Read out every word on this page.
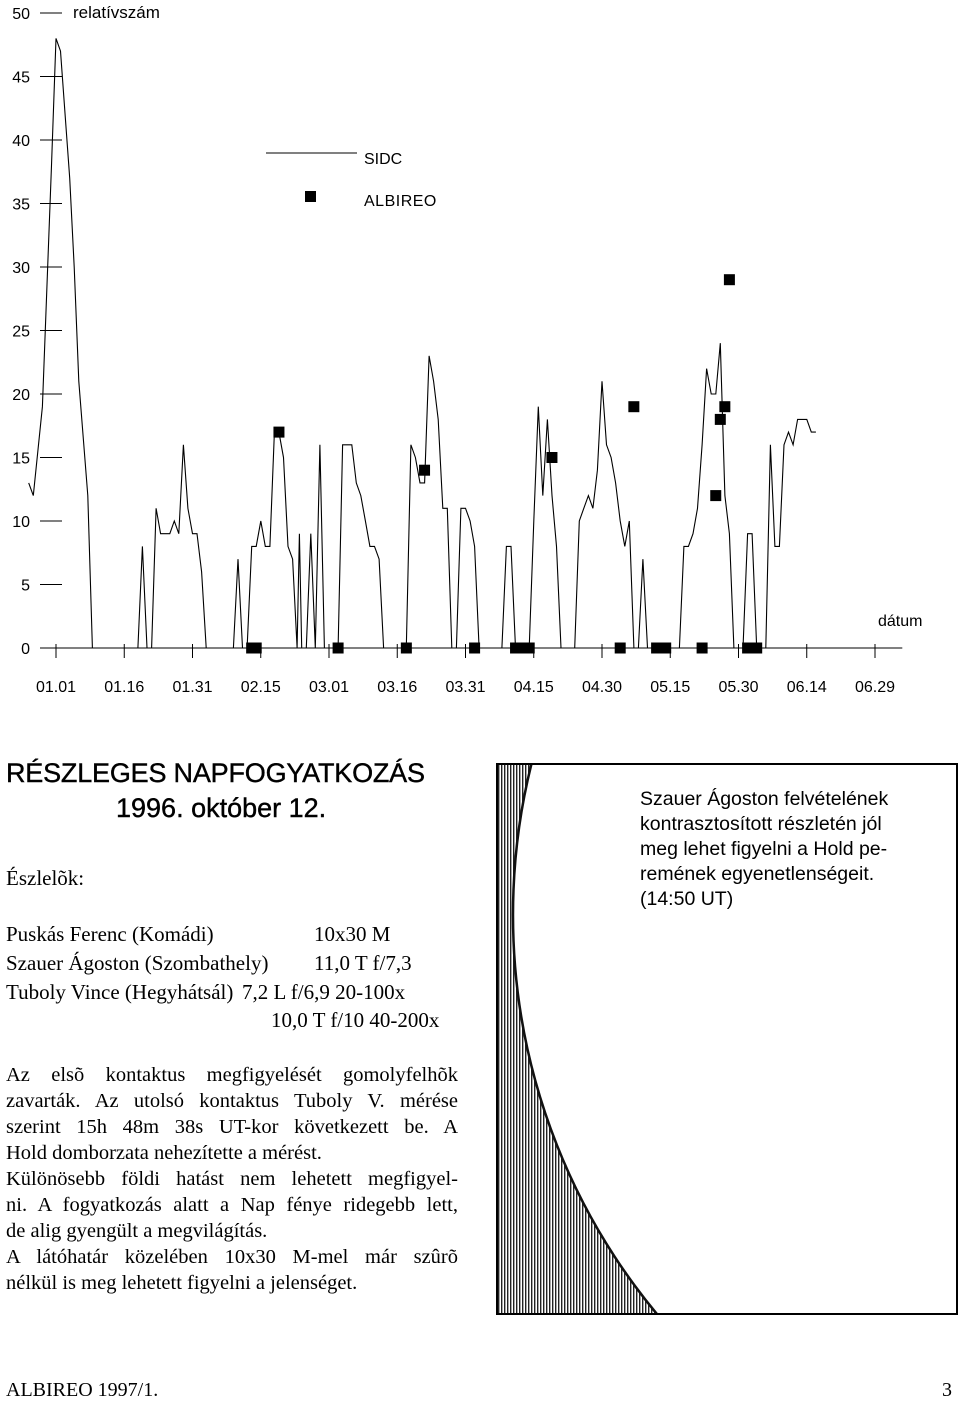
0
5
10
15
20
25
30
35
40
45
50	relatívszám
01.01 01.16 01.31 02.15 03.01 03.16 03.31 04.15 04.30 05.15 05.30 06.14 06.29
dátum
SIDC
ALBIREO
RÉSZLEGES NAPFOGYATKOZÁS
1996. október 12.
Észlelõk:
Puskás Ferenc (Komádi)	10x30 M
Szauer Ágoston (Szombathely) 11,0 T f/7,3
Tuboly Vince (Hegyhátsál) 7,2 L f/6,9 20-100x
10,0 T f/10 40-200x
Az elsõ kontaktus megfigyelését gomolyfelhõk
zavarták. Az utolsó kontaktus Tuboly V. mérése
szerint 15h 48m 38s UT-kor következett be. A
Hold domborzata nehezítette a mérést.
Különösebb földi hatást nem lehetett megfigyel-
ni. A fogyatkozás alatt a Nap fénye ridegebb lett,
de alig gyengült a megvilágítás.
A látóhatár közelében 10x30 M-mel már szûrõ
nélkül is meg lehetett figyelni a jelenséget.
Szauer Ágoston felvételének
kontrasztosított részletén jól
meg lehet figyelni a Hold pe-
remének egyenetlenségeit.
(14:50 UT)
ALBIREO 1997/1.	3
